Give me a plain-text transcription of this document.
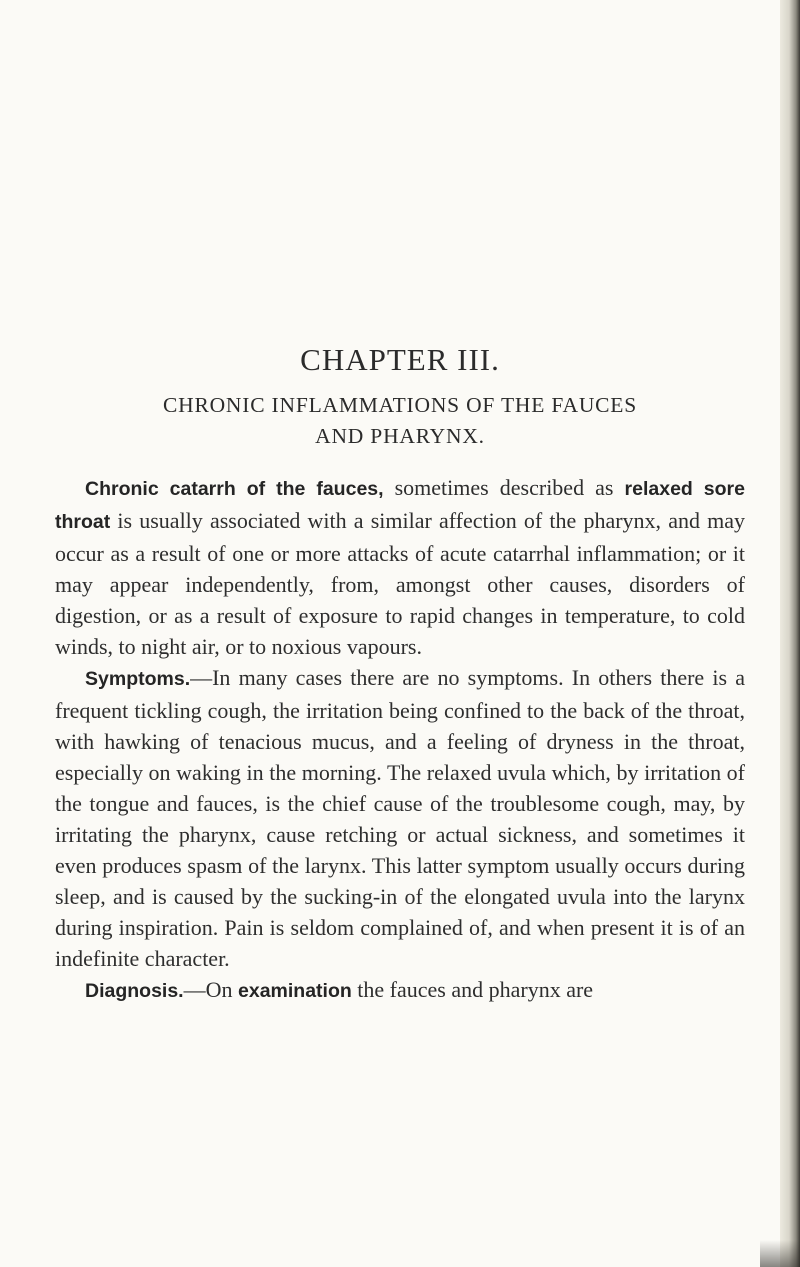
CHAPTER III.
CHRONIC INFLAMMATIONS OF THE FAUCES
AND PHARYNX.

Chronic catarrh of the fauces, sometimes described as relaxed sore throat is usually associated with a similar affection of the pharynx, and may occur as a result of one or more attacks of acute catarrhal inflammation; or it may appear independently, from, amongst other causes, disorders of digestion, or as a result of exposure to rapid changes in temperature, to cold winds, to night air, or to noxious vapours.

Symptoms.—In many cases there are no symptoms. In others there is a frequent tickling cough, the irritation being confined to the back of the throat, with hawking of tenacious mucus, and a feeling of dryness in the throat, especially on waking in the morning. The relaxed uvula which, by irritation of the tongue and fauces, is the chief cause of the troublesome cough, may, by irritating the pharynx, cause retching or actual sickness, and sometimes it even produces spasm of the larynx. This latter symptom usually occurs during sleep, and is caused by the sucking-in of the elongated uvula into the larynx during inspiration. Pain is seldom complained of, and when present it is of an indefinite character.

Diagnosis.—On examination the fauces and pharynx are
